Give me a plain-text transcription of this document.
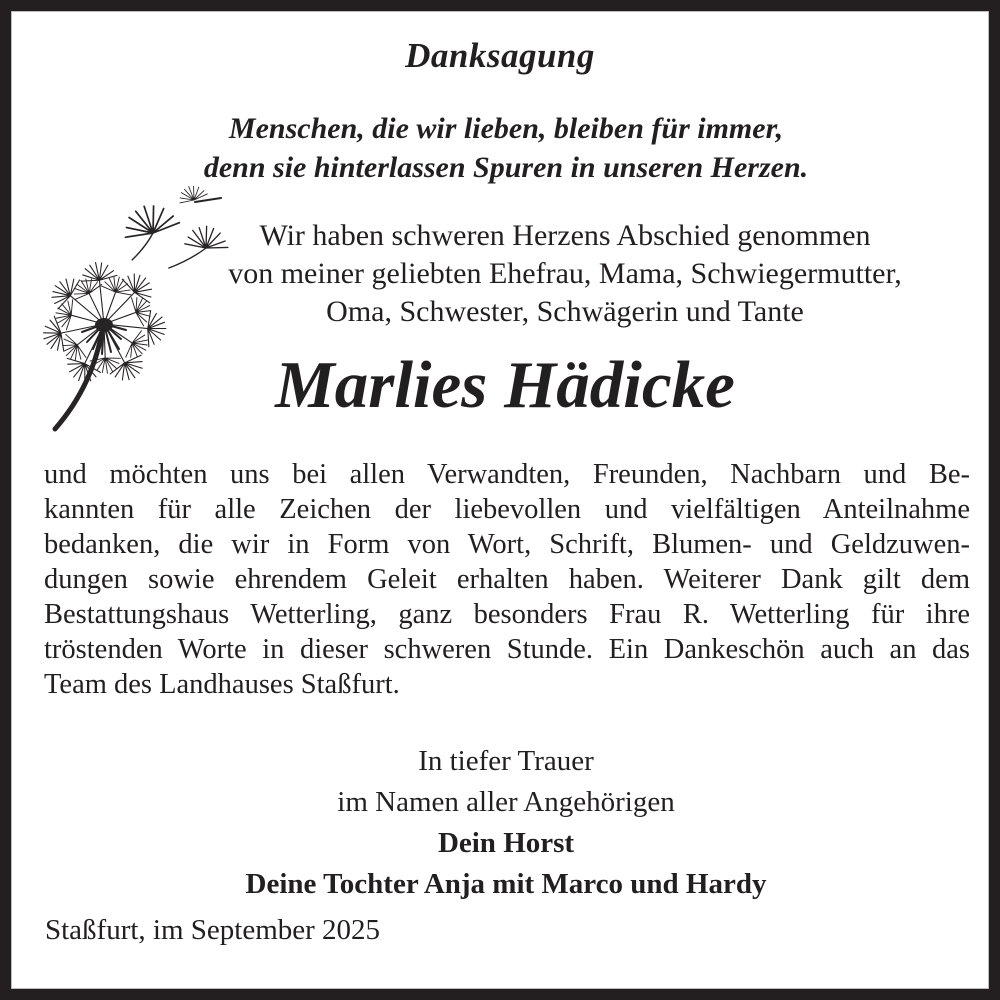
Danksagung
Menschen, die wir lieben, bleiben für immer,
denn sie hinterlassen Spuren in unseren Herzen.
Wir haben schweren Herzens Abschied genommen
von meiner geliebten Ehefrau, Mama, Schwiegermutter,
Oma, Schwester, Schwägerin und Tante
Marlies Hädicke
und möchten uns bei allen Verwandten, Freunden, Nachbarn und Be-
kannten für alle Zeichen der liebevollen und vielfältigen Anteilnahme
bedanken, die wir in Form von Wort, Schrift, Blumen- und Geldzuwen-
dungen sowie ehrendem Geleit erhalten haben. Weiterer Dank gilt dem
Bestattungshaus Wetterling, ganz besonders Frau R. Wetterling für ihre
tröstenden Worte in dieser schweren Stunde. Ein Dankeschön auch an das
Team des Landhauses Staßfurt.
In tiefer Trauer
im Namen aller Angehörigen
Dein Horst
Deine Tochter Anja mit Marco und Hardy
Staßfurt, im September 2025
